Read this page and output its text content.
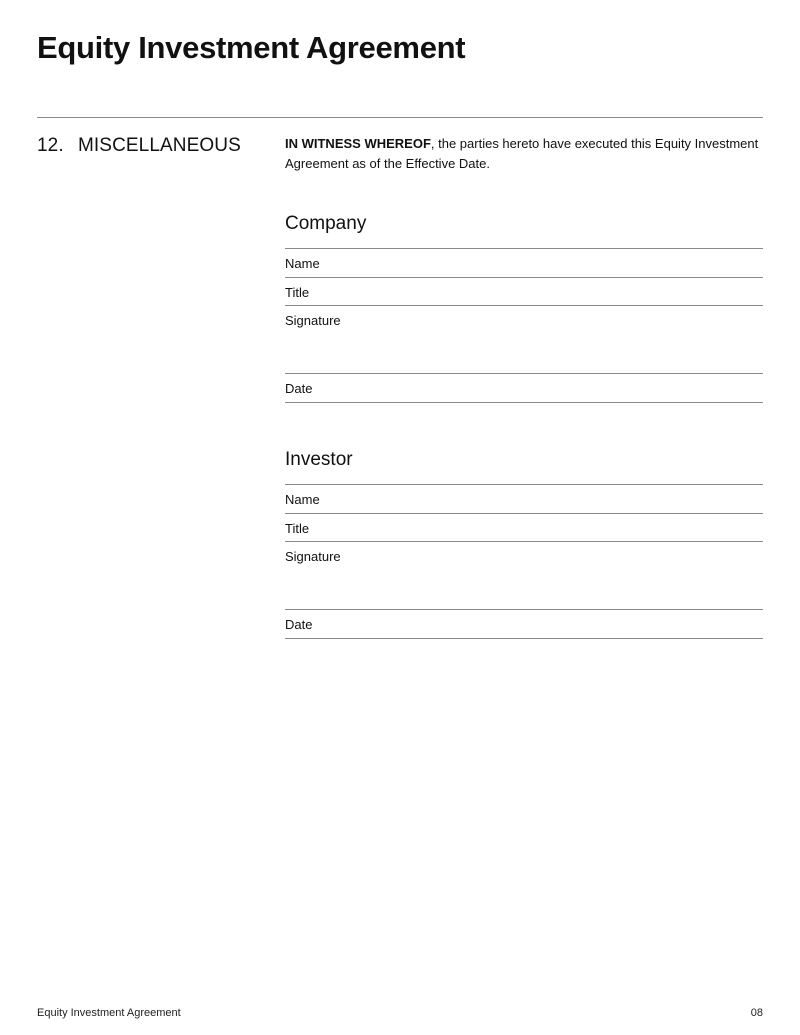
Equity Investment Agreement
12. MISCELLANEOUS	IN WITNESS WHEREOF, the parties hereto have executed this Equity Investment Agreement as of the Effective Date.

Company
Name
Title
Signature
Date
Investor
Name
Title
Signature
Date
Equity Investment Agreement	08
